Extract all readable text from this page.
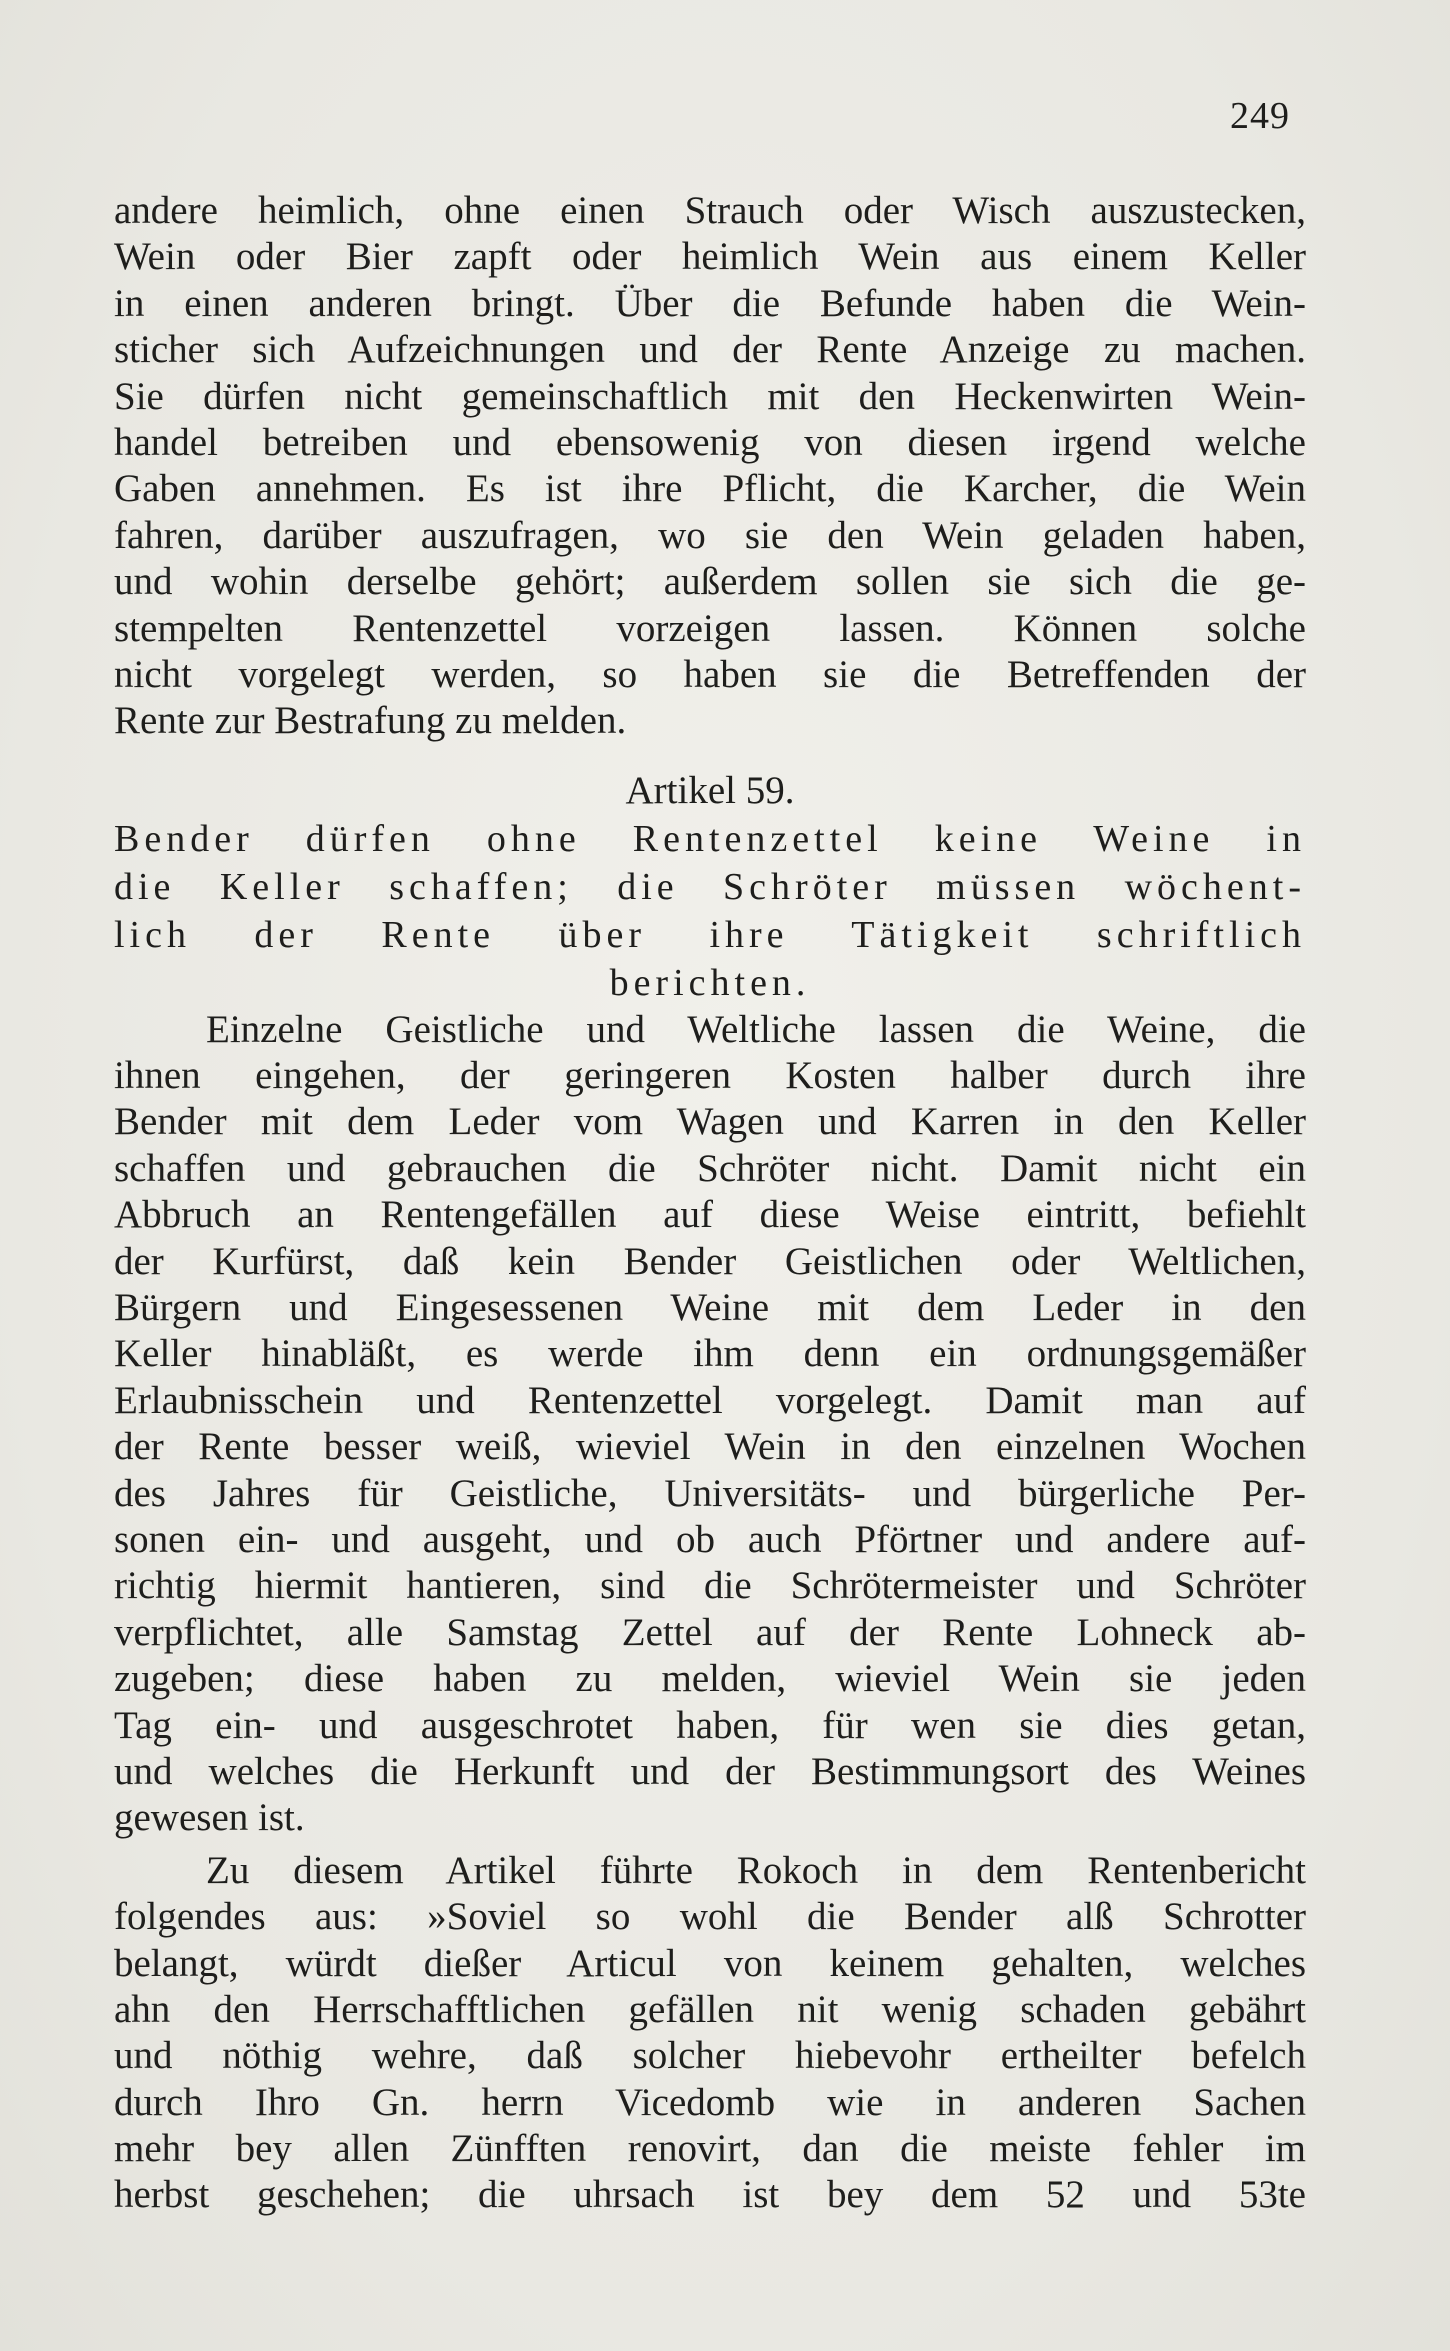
249
andere heimlich, ohne einen Strauch oder Wisch auszustecken,
Wein oder Bier zapft oder heimlich Wein aus einem Keller
in einen anderen bringt. Über die Befunde haben die Wein-
sticher sich Aufzeichnungen und der Rente Anzeige zu machen.
Sie dürfen nicht gemeinschaftlich mit den Heckenwirten Wein-
handel betreiben und ebensowenig von diesen irgend welche
Gaben annehmen. Es ist ihre Pflicht, die Karcher, die Wein
fahren, darüber auszufragen, wo sie den Wein geladen haben,
und wohin derselbe gehört; außerdem sollen sie sich die ge-
stempelten Rentenzettel vorzeigen lassen. Können solche
nicht vorgelegt werden, so haben sie die Betreffenden der
Rente zur Bestrafung zu melden.
Artikel 59.
Bender dürfen ohne Rentenzettel keine Weine in
die Keller schaffen; die Schröter müssen wöchent-
lich der Rente über ihre Tätigkeit schriftlich
berichten.
Einzelne Geistliche und Weltliche lassen die Weine, die
ihnen eingehen, der geringeren Kosten halber durch ihre
Bender mit dem Leder vom Wagen und Karren in den Keller
schaffen und gebrauchen die Schröter nicht. Damit nicht ein
Abbruch an Rentengefällen auf diese Weise eintritt, befiehlt
der Kurfürst, daß kein Bender Geistlichen oder Weltlichen,
Bürgern und Eingesessenen Weine mit dem Leder in den
Keller hinabläßt, es werde ihm denn ein ordnungsgemäßer
Erlaubnisschein und Rentenzettel vorgelegt. Damit man auf
der Rente besser weiß, wieviel Wein in den einzelnen Wochen
des Jahres für Geistliche, Universitäts- und bürgerliche Per-
sonen ein- und ausgeht, und ob auch Pförtner und andere auf-
richtig hiermit hantieren, sind die Schrötermeister und Schröter
verpflichtet, alle Samstag Zettel auf der Rente Lohneck ab-
zugeben; diese haben zu melden, wieviel Wein sie jeden
Tag ein- und ausgeschrotet haben, für wen sie dies getan,
und welches die Herkunft und der Bestimmungsort des Weines
gewesen ist.
Zu diesem Artikel führte Rokoch in dem Rentenbericht
folgendes aus: »Soviel so wohl die Bender alß Schrotter
belangt, würdt dießer Articul von keinem gehalten, welches
ahn den Herrschafftlichen gefällen nit wenig schaden gebährt
und nöthig wehre, daß solcher hiebevohr ertheilter befelch
durch Ihro Gn. herrn Vicedomb wie in anderen Sachen
mehr bey allen Zünfften renovirt, dan die meiste fehler im
herbst geschehen; die uhrsach ist bey dem 52 und 53te
